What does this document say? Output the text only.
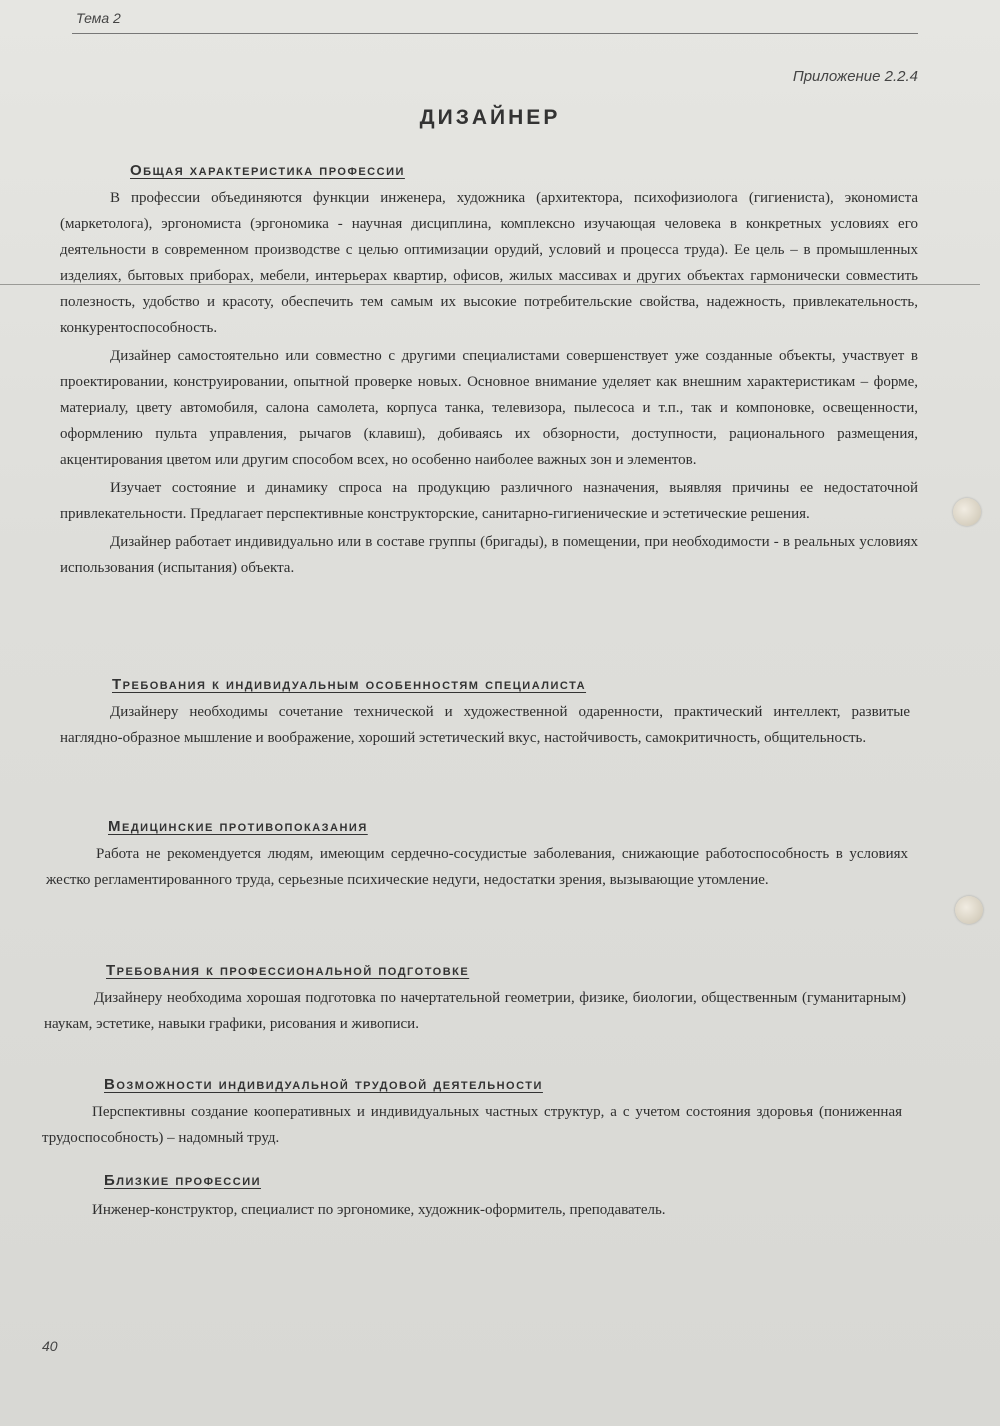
Тема 2
Приложение 2.2.4
ДИЗАЙНЕР
Общая характеристика профессии

В профессии объединяются функции инженера, художника (архитектора, психофизиолога (гигиениста), экономиста (маркетолога), эргономиста (эргономика - научная дисциплина, комплексно изучающая человека в конкретных условиях его деятельности в современном производстве с целью оптимизации орудий, условий и процесса труда). Ее цель – в промышленных изделиях, бытовых приборах, мебели, интерьерах квартир, офисов, жилых массивах и других объектах гармонически совместить полезность, удобство и красоту, обеспечить тем самым их высокие потребительские свойства, надежность, привлекательность, конкурентоспособность.

Дизайнер самостоятельно или совместно с другими специалистами совершенствует уже созданные объекты, участвует в проектировании, конструировании, опытной проверке новых. Основное внимание уделяет как внешним характеристикам – форме, материалу, цвету автомобиля, салона самолета, корпуса танка, телевизора, пылесоса и т.п., так и компоновке, освещенности, оформлению пульта управления, рычагов (клавиш), добиваясь их обзорности, доступности, рационального размещения, акцентирования цветом или другим способом всех, но особенно наиболее важных зон и элементов.

Изучает состояние и динамику спроса на продукцию различного назначения, выявляя причины ее недостаточной привлекательности. Предлагает перспективные конструкторские, санитарно-гигиенические и эстетические решения.

Дизайнер работает индивидуально или в составе группы (бригады), в помещении, при необходимости - в реальных условиях использования (испытания) объекта.

Требования к индивидуальным особенностям специалиста

Дизайнеру необходимы сочетание технической и художественной одаренности, практический интеллект, развитые наглядно-образное мышление и воображение, хороший эстетический вкус, настойчивость, самокритичность, общительность.

Медицинские противопоказания

Работа не рекомендуется людям, имеющим сердечно-сосудистые заболевания, снижающие работоспособность в условиях жестко регламентированного труда, серьезные психические недуги, недостатки зрения, вызывающие утомление.

Требования к профессиональной подготовке

Дизайнеру необходима хорошая подготовка по начертательной геометрии, физике, биологии, общественным (гуманитарным) наукам, эстетике, навыки графики, рисования и живописи.

Возможности индивидуальной трудовой деятельности

Перспективны создание кооперативных и индивидуальных частных структур, а с учетом состояния здоровья (пониженная трудоспособность) – надомный труд.

Близкие профессии

Инженер-конструктор, специалист по эргономике, художник-оформитель, преподаватель.

40
